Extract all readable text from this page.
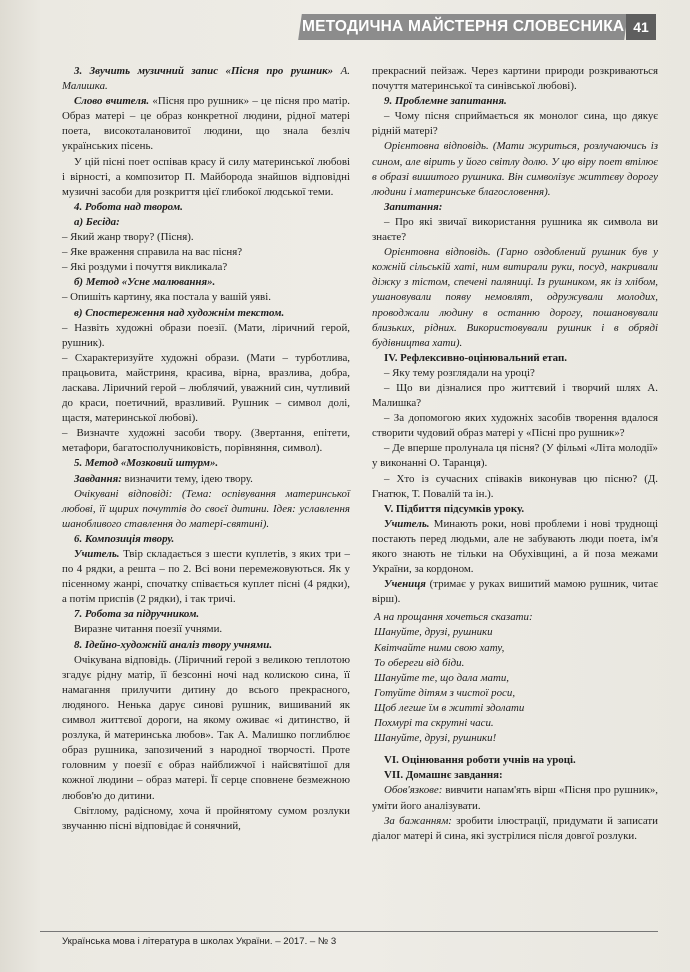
МЕТОДИЧНА МАЙСТЕРНЯ СЛОВЕСНИКА 41

3. Звучить музичний запис «Пісня про рушник» А. Малишка.

Слово вчителя. «Пісня про рушник» – це пісня про матір. Образ матері – це образ конкретної людини, рідної матері поета, високоталановитої людини, що знала безліч українських пісень.

У цій пісні поет оспівав красу й силу материнської любові і вірності, а композитор П. Майборода знайшов відповідні музичні засоби для розкриття цієї глибокої людської теми.

4. Робота над твором.

а) Бесіда:

– Який жанр твору? (Пісня).

– Яке враження справила на вас пісня?

– Які роздуми і почуття викликала?

б) Метод «Усне малювання».

– Опишіть картину, яка постала у вашій уяві.

в) Спостереження над художнім текстом.

– Назвіть художні образи поезії. (Мати, ліричний герой, рушник).

– Схарактеризуйте художні образи. (Мати – турботлива, працьовита, майстриня, красива, вірна, вразлива, добра, ласкава. Ліричний герой – люблячий, уважний син, чутливий до краси, поетичний, вразливий. Рушник – символ долі, щастя, материнської любові).

– Визначте художні засоби твору. (Звертання, епітети, метафори, багатосполучниковість, порівняння, символ).

5. Метод «Мозковий штурм».

Завдання: визначити тему, ідею твору.

Очікувані відповіді: (Тема: оспівування материнської любові, її щирих почуттів до своєї дитини. Ідея: уславлення шанобливого ставлення до матері-святині).

6. Композиція твору.

Учитель. Твір складається з шести куплетів, з яких три – по 4 рядки, а решта – по 2. Всі вони перемежовуються. Як у пісенному жанрі, спочатку співається куплет пісні (4 рядки), а потім приспів (2 рядки), і так тричі.

7. Робота за підручником.

Виразне читання поезії учнями.

8. Ідейно-художній аналіз твору учнями.

Очікувана відповідь. (Ліричний герой з великою теплотою згадує рідну матір, її безсонні ночі над колискою сина, її намагання прилучити дитину до всього прекрасного, людяного. Ненька дарує синові рушник, вишиваний як символ життєвої дороги, на якому оживає «і дитинство, й розлука, й материнська любов». Так А. Малишко поглиблює образ рушника, запозичений з народної творчості. Проте головним у поезії є образ найближчої і найсвятішої для кожної людини – образ матері. Її серце сповнене безмежною любов'ю до дитини.

Світлому, радісному, хоча й пройнятому сумом розлуки звучанню пісні відповідає й сонячний,

прекрасний пейзаж. Через картини природи розкриваються почуття материнської та синівської любові).

9. Проблемне запитання.

– Чому пісня сприймається як монолог сина, що дякує рідній матері?

Орієнтовна відповідь. (Мати журиться, розлучаючись із сином, але вірить у його світлу долю. У цю віру поет втілює в образі вишитого рушника. Він символізує життєву дорогу людини і материнське благословення).

Запитання:

– Про які звичаї використання рушника як символа ви знаєте?

Орієнтовна відповідь. (Гарно оздоблений рушник був у кожній сільській хаті, ним витирали руки, посуд, накривали діжку з тістом, спечені паляниці. Із рушником, як із хлібом, ушановували появу немовлят, одружували молодих, проводжали людину в останню дорогу, пошановували близьких, рідних. Використовували рушник і в обряді будівництва хати).

IV. Рефлексивно-оцінювальний етап.

– Яку тему розглядали на уроці?

– Що ви дізналися про життєвий і творчий шлях А. Малишка?

– За допомогою яких художніх засобів творення вдалося створити чудовий образ матері у «Пісні про рушник»?

– Де вперше пролунала ця пісня? (У фільмі «Літа молодії» у виконанні О. Таранця).

– Хто із сучасних співаків виконував цю пісню? (Д. Гнатюк, Т. Повалій та ін.).

V. Підбиття підсумків уроку.

Учитель. Минають роки, нові проблеми і нові труднощі постають перед людьми, але не забувають люди поета, ім'я якого знають не тільки на Обухівщині, а й поза межами України, за кордоном.

Учениця (тримає у руках вишитий мамою рушник, читає вірш).

А на прощання хочеться сказати:

Шануйте, друзі, рушники

Квітчайте ними свою хату,

То обереги від біди.

Шануйте те, що дала мати,

Готуйте дітям з чистої роси,

Щоб легше їм в житті здолати

Похмурі та скрутні часи.

Шануйте, друзі, рушники!

VI. Оцінювання роботи учнів на уроці.

VII. Домашнє завдання:

Обов'язкове: вивчити напам'ять вірш «Пісня про рушник», уміти його аналізувати.

За бажанням: зробити ілюстрації, придумати й записати діалог матері й сина, які зустрілися після довгої розлуки.

Українська мова і література в школах України. – 2017. – № 3
